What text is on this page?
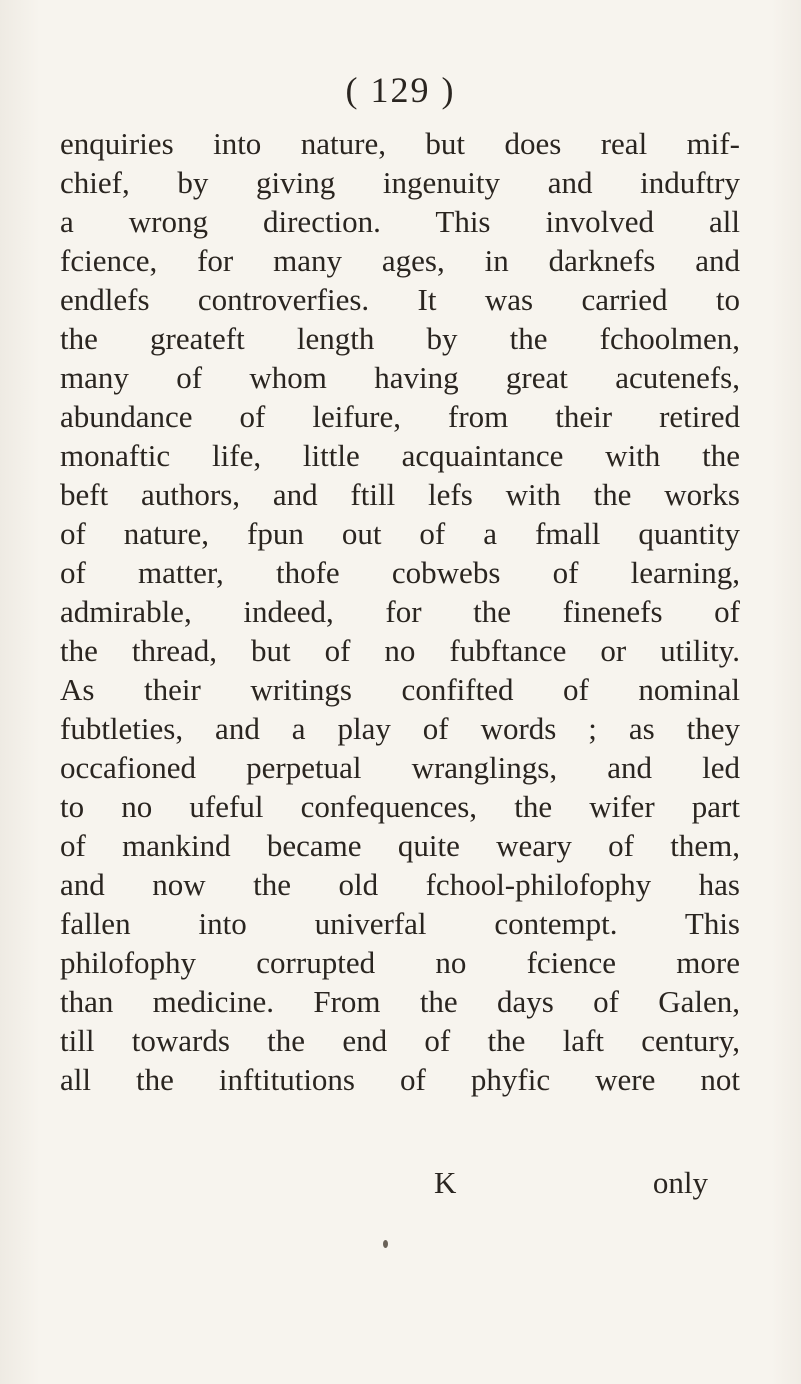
( 129 )
enquiries into nature, but does real mif-
chief, by giving ingenuity and induftry
a wrong direction. This involved all
fcience, for many ages, in darknefs and
endlefs controverfies. It was carried to
the greateft length by the fchoolmen,
many of whom having great acutenefs,
abundance of leifure, from their retired
monaftic life, little acquaintance with the
beft authors, and ftill lefs with the works
of nature, fpun out of a fmall quantity
of matter, thofe cobwebs of learning,
admirable, indeed, for the finenefs of
the thread, but of no fubftance or utility.
As their writings confifted of nominal
fubtleties, and a play of words ; as they
occafioned perpetual wranglings, and led
to no ufeful confequences, the wifer part
of mankind became quite weary of them,
and now the old fchool-philofophy has
fallen into univerfal contempt. This
philofophy corrupted no fcience more
than medicine. From the days of Galen,
till towards the end of the laft century,
all the inftitutions of phyfic were not
K	only
